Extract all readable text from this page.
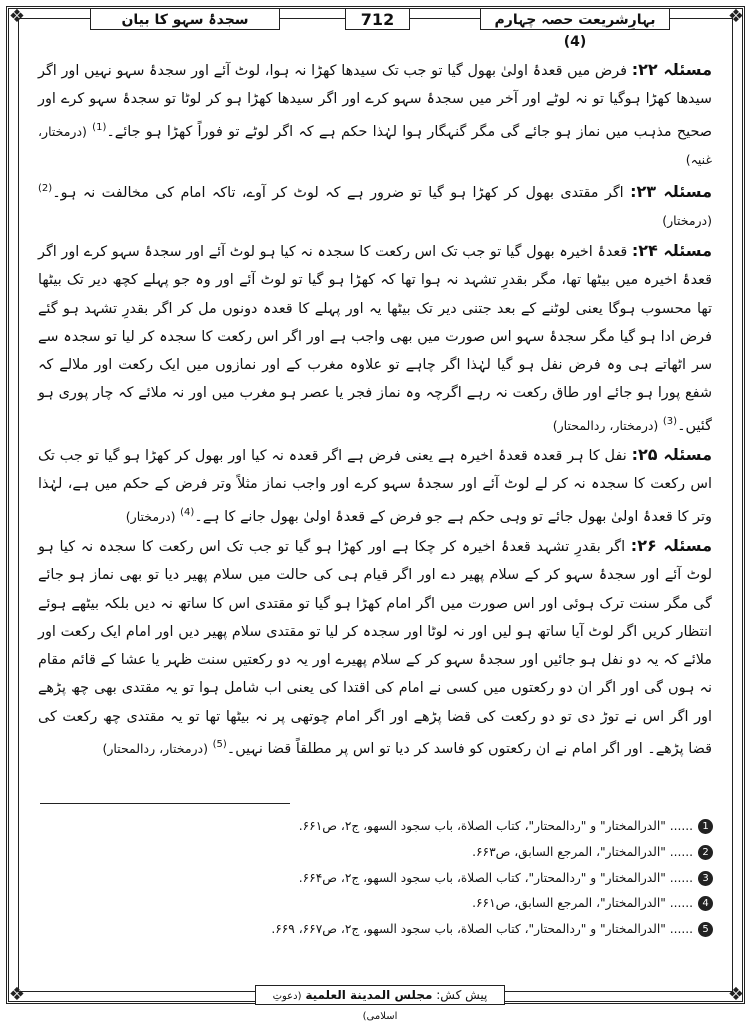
❖	❖
❖	❖
بہارِشریعت حصہ چہارم (4)
712
سجدۂ سہو کا بیان

مسئلہ ۲۲: فرض میں قعدۂ اولیٰ بھول گیا تو جب تک سیدھا کھڑا نہ ہوا، لوٹ آئے اور سجدۂ سہو نہیں اور اگر سیدھا کھڑا ہوگیا تو نہ لوٹے اور آخر میں سجدۂ سہو کرے اور اگر سیدھا کھڑا ہو کر لوٹا تو سجدۂ سہو کرے اور صحیح مذہب میں نماز ہو جائے گی مگر گنہگار ہوا لہٰذا حکم ہے کہ اگر لوٹے تو فوراً کھڑا ہو جائے۔$^{(1)}$ (درمختار، غنیہ)

مسئلہ ۲۳: اگر مقتدی بھول کر کھڑا ہو گیا تو ضرور ہے کہ لوٹ کر آوے، تاکہ امام کی مخالفت نہ ہو۔$^{(2)}$ (درمختار)

مسئلہ ۲۴: قعدۂ اخیرہ بھول گیا تو جب تک اس رکعت کا سجدہ نہ کیا ہو لوٹ آئے اور سجدۂ سہو کرے اور اگر قعدۂ اخیرہ میں بیٹھا تھا، مگر بقدرِ تشہد نہ ہوا تھا کہ کھڑا ہو گیا تو لوٹ آئے اور وہ جو پہلے کچھ دیر تک بیٹھا تھا محسوب ہوگا یعنی لوٹنے کے بعد جتنی دیر تک بیٹھا یہ اور پہلے کا قعدہ دونوں مل کر اگر بقدرِ تشہد ہو گئے فرض ادا ہو گیا مگر سجدۂ سہو اس صورت میں بھی واجب ہے اور اگر اس رکعت کا سجدہ کر لیا تو سجدہ سے سر اٹھاتے ہی وہ فرض نفل ہو گیا لہٰذا اگر چاہے تو علاوہ مغرب کے اور نمازوں میں ایک رکعت اور ملالے کہ شفع پورا ہو جائے اور طاق رکعت نہ رہے اگرچہ وہ نماز فجر یا عصر ہو مغرب میں اور نہ ملائے کہ چار پوری ہو گئیں۔$^{(3)}$ (درمختار، ردالمحتار)

مسئلہ ۲۵: نفل کا ہر قعدہ قعدۂ اخیرہ ہے یعنی فرض ہے اگر قعدہ نہ کیا اور بھول کر کھڑا ہو گیا تو جب تک اس رکعت کا سجدہ نہ کر لے لوٹ آئے اور سجدۂ سہو کرے اور واجب نماز مثلاً وتر فرض کے حکم میں ہے، لہٰذا وتر کا قعدۂ اولیٰ بھول جائے تو وہی حکم ہے جو فرض کے قعدۂ اولیٰ بھول جانے کا ہے۔$^{(4)}$ (درمختار)

مسئلہ ۲۶: اگر بقدرِ تشہد قعدۂ اخیرہ کر چکا ہے اور کھڑا ہو گیا تو جب تک اس رکعت کا سجدہ نہ کیا ہو لوٹ آئے اور سجدۂ سہو کر کے سلام پھیر دے اور اگر قیام ہی کی حالت میں سلام پھیر دیا تو بھی نماز ہو جائے گی مگر سنت ترک ہوئی اور اس صورت میں اگر امام کھڑا ہو گیا تو مقتدی اس کا ساتھ نہ دیں بلکہ بیٹھے ہوئے انتظار کریں اگر لوٹ آیا ساتھ ہو لیں اور نہ لوٹا اور سجدہ کر لیا تو مقتدی سلام پھیر دیں اور امام ایک رکعت اور ملائے کہ یہ دو نفل ہو جائیں اور سجدۂ سہو کر کے سلام پھیرے اور یہ دو رکعتیں سنت ظہر یا عشا کے قائم مقام نہ ہوں گی اور اگر ان دو رکعتوں میں کسی نے امام کی اقتدا کی یعنی اب شامل ہوا تو یہ مقتدی بھی چھ پڑھے اور اگر اس نے توڑ دی تو دو رکعت کی قضا پڑھے اور اگر امام چوتھی پر نہ بیٹھا تھا تو یہ مقتدی چھ رکعت کی قضا پڑھے۔ اور اگر امام نے ان رکعتوں کو فاسد کر دیا تو اس پر مطلقاً قضا نہیں۔$^{(5)}$ (درمختار، ردالمحتار)

1...... "الدرالمختار" و "ردالمحتار"، كتاب الصلاة، باب سجود السهو، ج۲، ص۶۶۱.
2...... "الدرالمختار"، المرجع السابق، ص۶۶۳.
3...... "الدرالمختار" و "ردالمحتار"، كتاب الصلاة، باب سجود السهو، ج۲، ص۶۶۴.
4...... "الدرالمختار"، المرجع السابق، ص۶۶۱.
5...... "الدرالمختار" و "ردالمحتار"، كتاب الصلاة، باب سجود السهو، ج۲، ص۶۶۷، ۶۶۹.
پیش کش: مجلس المدينة العلمية (دعوتِ اسلامی)
